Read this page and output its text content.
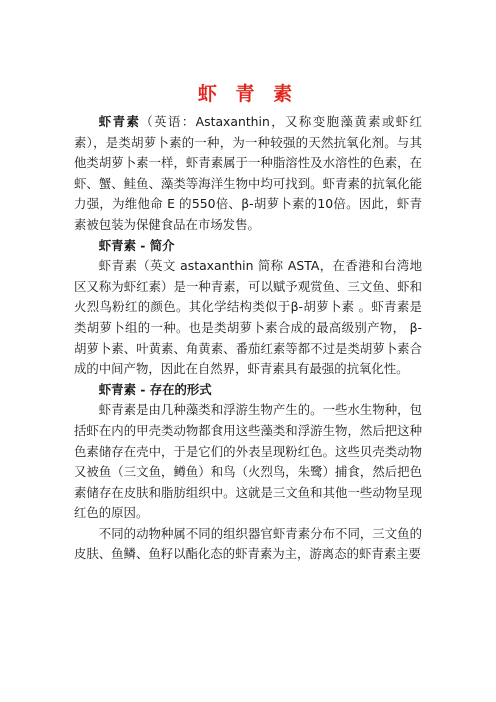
虾 青 素

虾青素（英语：Astaxanthin，又称变胞藻黄素或虾红素），是类胡萝卜素的一种，为一种较强的天然抗氧化剂。与其他类胡萝卜素一样，虾青素属于一种脂溶性及水溶性的色素，在虾、蟹、鲑鱼、藻类等海洋生物中均可找到。虾青素的抗氧化能力强，为维他命 E 的550倍、β-胡萝卜素的10倍。因此，虾青素被包装为保健食品在市场发售。

虾青素 - 简介

虾青素（英文 astaxanthin 简称 ASTA，在香港和台湾地区又称为虾红素）是一种青素，可以赋予观赏鱼、三文鱼、虾和火烈鸟粉红的颜色。其化学结构类似于β-胡萝卜素 。虾青素是类胡萝卜组的一种。也是类胡萝卜素合成的最高级别产物， β-胡萝卜素、叶黄素、角黄素、番茄红素等都不过是类胡萝卜素合成的中间产物，因此在自然界，虾青素具有最强的抗氧化性。

虾青素 - 存在的形式

虾青素是由几种藻类和浮游生物产生的。一些水生物种，包括虾在内的甲壳类动物都食用这些藻类和浮游生物，然后把这种色素储存在壳中，于是它们的外表呈现粉红色。这些贝壳类动物又被鱼（三文鱼，鳟鱼）和鸟（火烈鸟，朱鹭）捕食，然后把色素储存在皮肤和脂肪组织中。这就是三文鱼和其他一些动物呈现红色的原因。

不同的动物种属不同的组织器官虾青素分布不同，三文鱼的皮肤、鱼鳞、鱼籽以酯化态的虾青素为主，游离态的虾青素主要
